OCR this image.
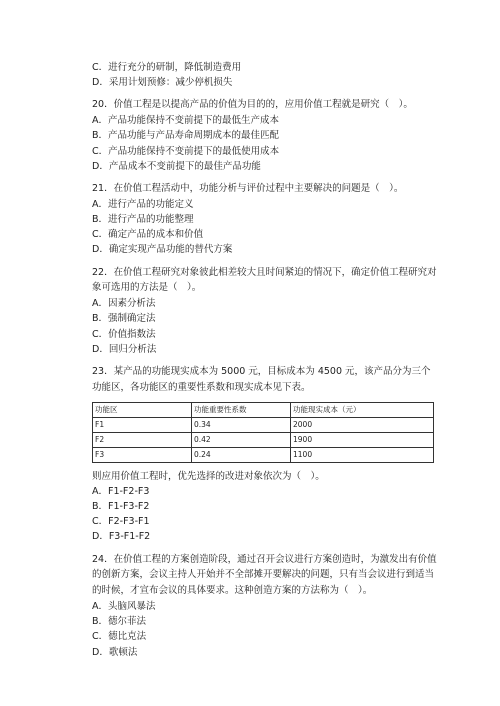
C．进行充分的研制，降低制造费用
D．采用计划预修：减少停机损失
20．价值工程是以提高产品的价值为目的的，应用价值工程就是研究（　）。
A．产品功能保持不变前提下的最低生产成本
B．产品功能与产品寿命周期成本的最佳匹配
C．产品功能保持不变前提下的最低使用成本
D．产品成本不变前提下的最佳产品功能
21．在价值工程活动中，功能分析与评价过程中主要解决的问题是（　）。
A．进行产品的功能定义
B．进行产品的功能整理
C．确定产品的成本和价值
D．确定实现产品功能的替代方案
22．在价值工程研究对象彼此相差较大且时间紧迫的情况下，确定价值工程研究对象可选用的方法是（　）。
A．因素分析法
B．强制确定法
C．价值指数法
D．回归分析法
23．某产品的功能现实成本为 5000 元，目标成本为 4500 元，该产品分为三个功能区，各功能区的重要性系数和现实成本见下表。
功能区	功能重要性系数	功能现实成本（元）
F1	0.34	2000
F2	0.42	1900
F3	0.24	1100
则应用价值工程时，优先选择的改进对象依次为（　）。
A．F1-F2-F3
B．F1-F3-F2
C．F2-F3-F1
D．F3-F1-F2
24．在价值工程的方案创造阶段，通过召开会议进行方案创造时，为激发出有价值的创新方案，会议主持人开始并不全部摊开要解决的问题，只有当会议进行到适当的时候，才宣布会议的具体要求。这种创造方案的方法称为（　）。
A．头脑风暴法
B．德尔菲法
C．德比克法
D．歌顿法
